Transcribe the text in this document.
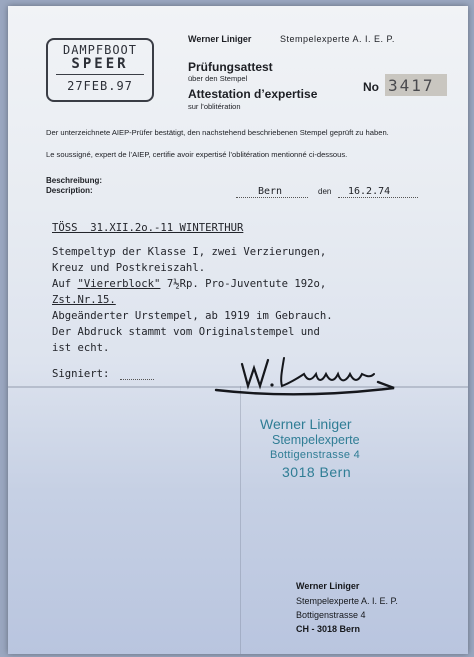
DAMPFBOOT
SPEER
27FEB.97
Werner Liniger	Stempelexperte A. I. E. P.
Prüfungsattest
über den Stempel
Attestation d’expertise
sur l’oblitération
No 3417
Der unterzeichnete AIEP-Prüfer bestätigt, den nachstehend beschriebenen Stempel geprüft zu haben.
Le soussigné, expert de l’AIEP, certifie avoir expertisé l’oblitération mentionné ci-dessous.
Beschreibung:
Description:	Bern	den 16.2.74
TÖSS  31.XII.2o.-11 WINTERTHUR
Stempeltyp der Klasse I, zwei Verzierungen,
Kreuz und Postkreiszahl.
Auf "Viererblock" 7½Rp. Pro-Juventute 192o,
Zst.Nr.15.
Abgeänderter Urstempel, ab 1919 im Gebrauch.
Der Abdruck stammt vom Originalstempel und
ist echt.
Signiert:
Werner Liniger
Stempelexperte
Bottigenstrasse 4
3018 Bern
Werner Liniger
Stempelexperte A. I. E. P.
Bottigenstrasse 4
CH - 3018 Bern
